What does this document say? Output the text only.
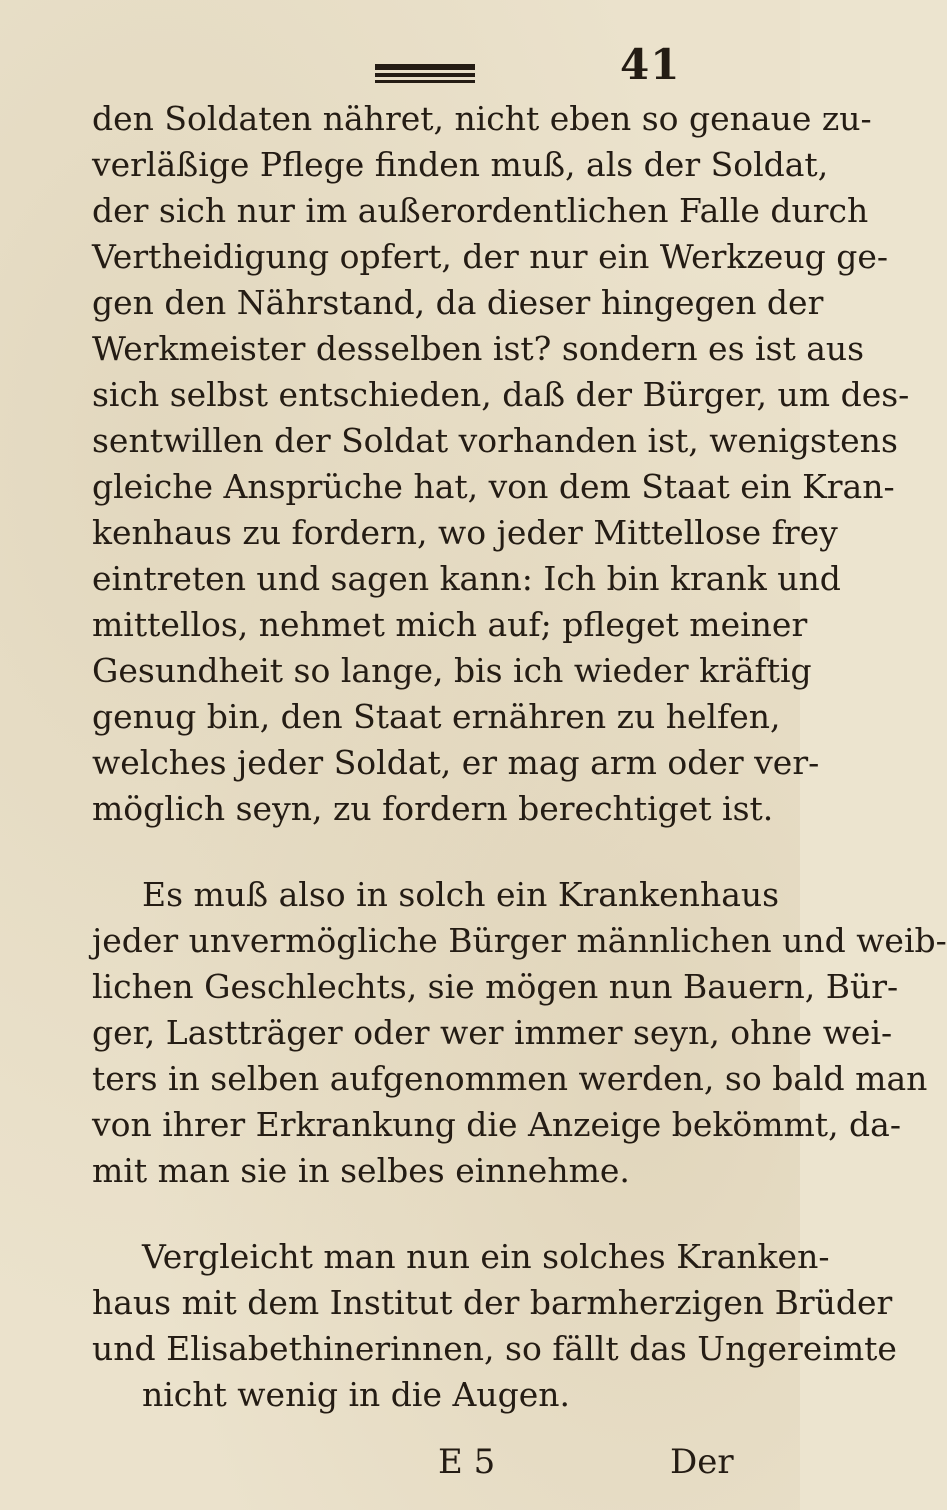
41
den Soldaten nähret, nicht eben so genaue zu-
verläßige Pflege finden muß, als der Soldat,
der sich nur im außerordentlichen Falle durch
Vertheidigung opfert, der nur ein Werkzeug ge-
gen den Nährstand, da dieser hingegen der
Werkmeister desselben ist? sondern es ist aus
sich selbst entschieden, daß der Bürger, um des-
sentwillen der Soldat vorhanden ist, wenigstens
gleiche Ansprüche hat, von dem Staat ein Kran-
kenhaus zu fordern, wo jeder Mittellose frey
eintreten und sagen kann: Ich bin krank und
mittellos, nehmet mich auf; pfleget meiner
Gesundheit so lange, bis ich wieder kräftig
genug bin, den Staat ernähren zu helfen,
welches jeder Soldat, er mag arm oder ver-
möglich seyn, zu fordern berechtiget ist.
Es muß also in solch ein Krankenhaus
jeder unvermögliche Bürger männlichen und weib-
lichen Geschlechts, sie mögen nun Bauern, Bür-
ger, Lastträger oder wer immer seyn, ohne wei-
ters in selben aufgenommen werden, so bald man
von ihrer Erkrankung die Anzeige bekömmt, da-
mit man sie in selbes einnehme.
Vergleicht man nun ein solches Kranken-
haus mit dem Institut der barmherzigen Brüder
und Elisabethinerinnen, so fällt das Ungereimte
nicht wenig in die Augen.
E 5	Der
